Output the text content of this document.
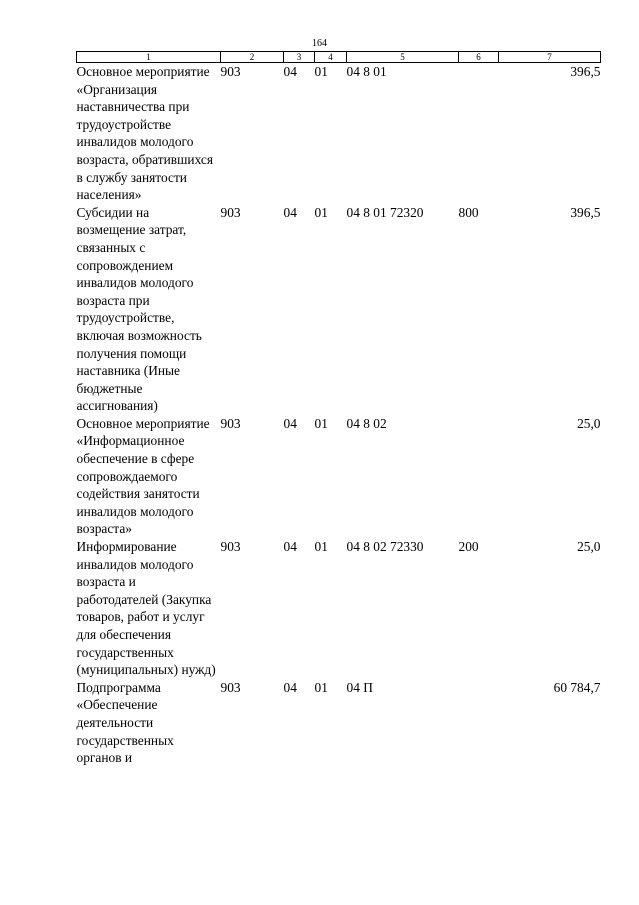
164
1	2	3	4	5	6	7
Основное мероприятие «Организация наставничества при трудоустройстве инвалидов молодого возраста, обратившихся в службу занятости населения»	903	04	01	04 8 01		396,5
Субсидии на возмещение затрат, связанных с сопровождением инвалидов молодого возраста при трудоустройстве, включая возможность получения помощи наставника (Иные бюджетные ассигнования)	903	04	01	04 8 01 72320	800	396,5
Основное мероприятие «Информационное обеспечение в сфере сопровождаемого содействия занятости инвалидов молодого возраста»	903	04	01	04 8 02		25,0
Информирование инвалидов молодого возраста и работодателей (Закупка товаров, работ и услуг для обеспечения государственных (муниципальных) нужд)	903	04	01	04 8 02 72330	200	25,0
Подпрограмма «Обеспечение деятельности государственных органов и	903	04	01	04 П		60 784,7
